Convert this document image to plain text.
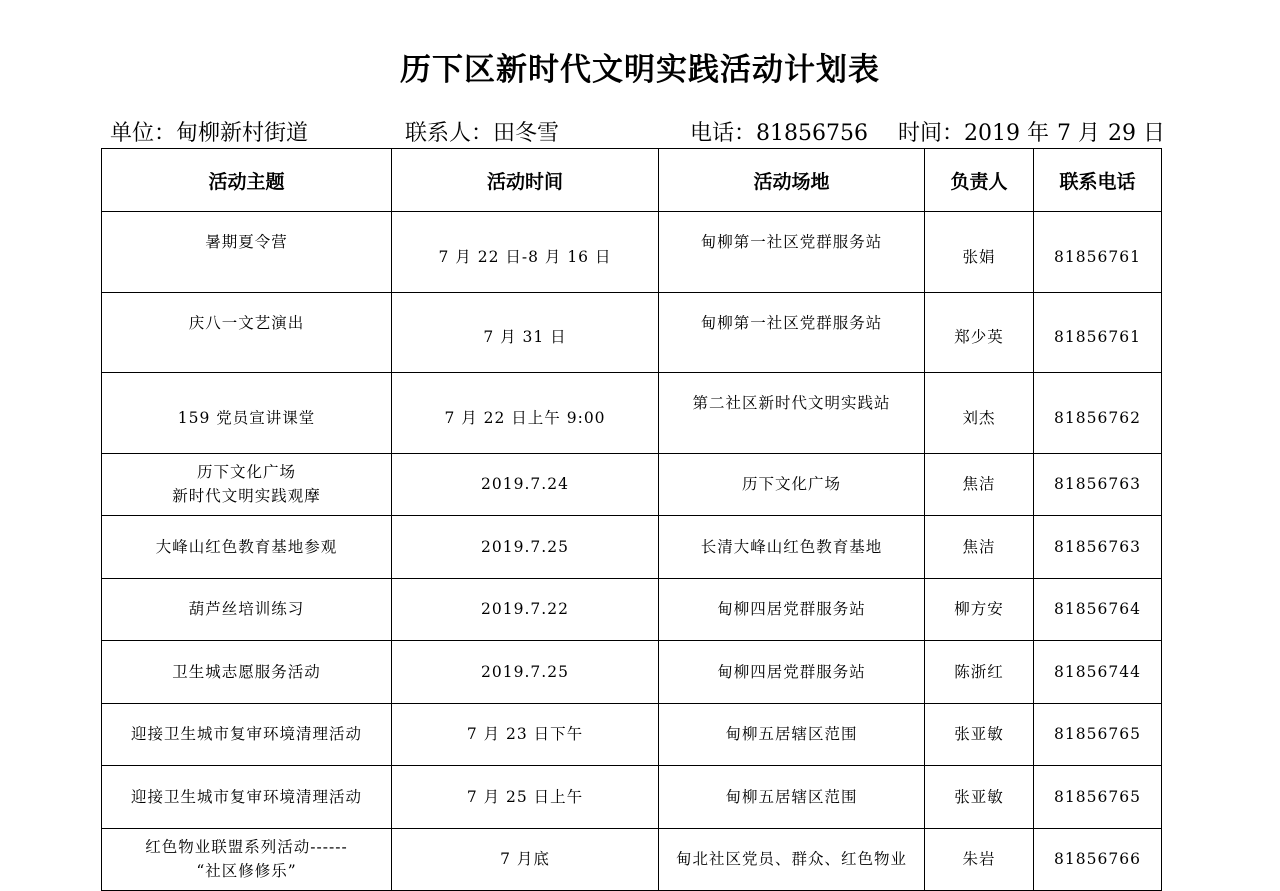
历下区新时代文明实践活动计划表
单位：甸柳新村街道	联系人：田冬雪	电话：81856756 时间：2019 年 7 月 29 日
活动主题	活动时间	活动场地	负责人	联系电话

暑期夏令营	7 月 22 日-8 月 16 日	甸柳第一社区党群服务站	张娟	81856761

庆八一文艺演出	7 月 31 日	甸柳第一社区党群服务站	郑少英	81856761

159 党员宣讲课堂	7 月 22 日上午 9:00	第二社区新时代文明实践站	刘杰	81856762

历下文化广场
新时代文明实践观摩	2019.7.24	历下文化广场	焦洁	81856763

大峰山红色教育基地参观	2019.7.25	长清大峰山红色教育基地	焦洁	81856763

葫芦丝培训练习	2019.7.22	甸柳四居党群服务站	柳方安	81856764

卫生城志愿服务活动	2019.7.25	甸柳四居党群服务站	陈浙红	81856744

迎接卫生城市复审环境清理活动	7 月 23 日下午	甸柳五居辖区范围	张亚敏	81856765

迎接卫生城市复审环境清理活动	7 月 25 日上午	甸柳五居辖区范围	张亚敏	81856765

红色物业联盟系列活动------
“社区修修乐”	7 月底	甸北社区党员、群众、红色物业	朱岩	81856766
